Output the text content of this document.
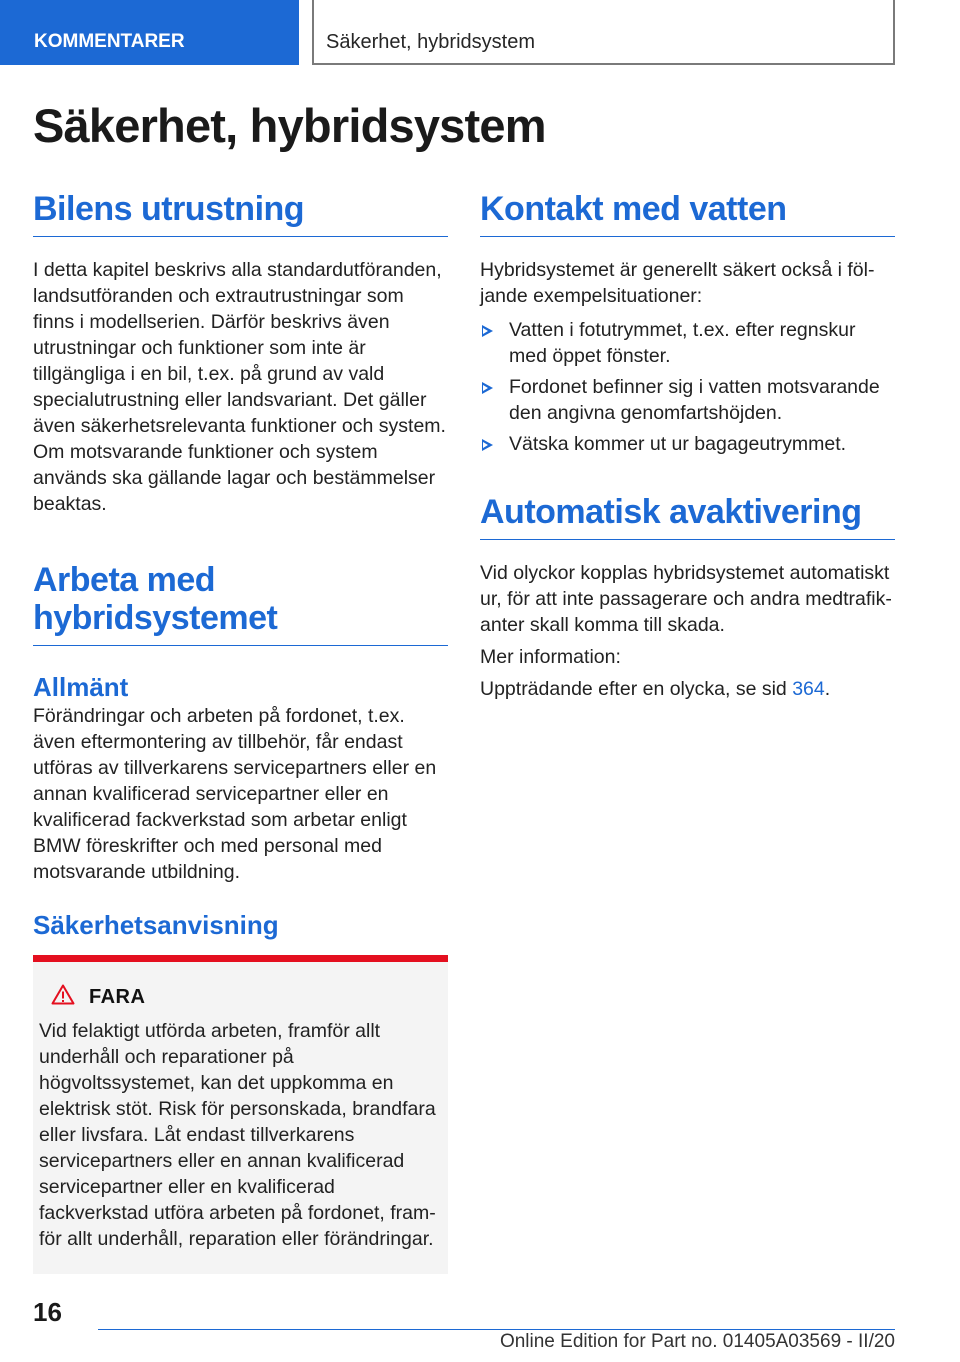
KOMMENTARER	Säkerhet, hybridsystem
Säkerhet, hybridsystem
Bilens utrustning

I detta kapitel beskrivs alla standardutföranden, landsutföranden och extrautrustningar som finns i modellserien. Därför beskrivs även utrustningar och funktioner som inte är tillgängliga i en bil, t.ex. på grund av vald specialutrustning eller landsvariant. Det gäller även säkerhetsrelevanta funktioner och system. Om motsvarande funktioner och system används ska gällande lagar och bestämmelser beaktas.

Arbeta med hybridsystemet
Allmänt

Förändringar och arbeten på fordonet, t.ex. även eftermontering av tillbehör, får endast utföras av tillverkarens servicepartners eller en annan kvalificerad servicepartner eller en kvalificerad fackverkstad som arbetar enligt BMW föreskrifter och med personal med motsvarande utbildning.

Säkerhetsanvisning
FARA

Vid felaktigt utförda arbeten, framför allt underhåll och reparationer på högvoltssystemet, kan det uppkomma en elektrisk stöt. Risk för personskada, brandfara eller livsfara. Låt endast tillverkarens servicepartners eller en annan kvalificerad servicepartner eller en kvalificerad fackverkstad utföra arbeten på fordonet, framför allt underhåll, reparation eller förändringar.

Kontakt med vatten

Hybridsystemet är generellt säkert också i följande exempelsituationer:

Vatten i fotutrymmet, t.ex. efter regnskur med öppet fönster.
Fordonet befinner sig i vatten motsvarande den angivna genomfartshöjden.
Vätska kommer ut ur bagageutrymmet.
Automatisk avaktivering

Vid olyckor kopplas hybridsystemet automatiskt ur, för att inte passagerare och andra medtrafikanter skall komma till skada.

Mer information:

Uppträdande efter en olycka, se sid 364.

16
Online Edition for Part no. 01405A03569 - II/20
